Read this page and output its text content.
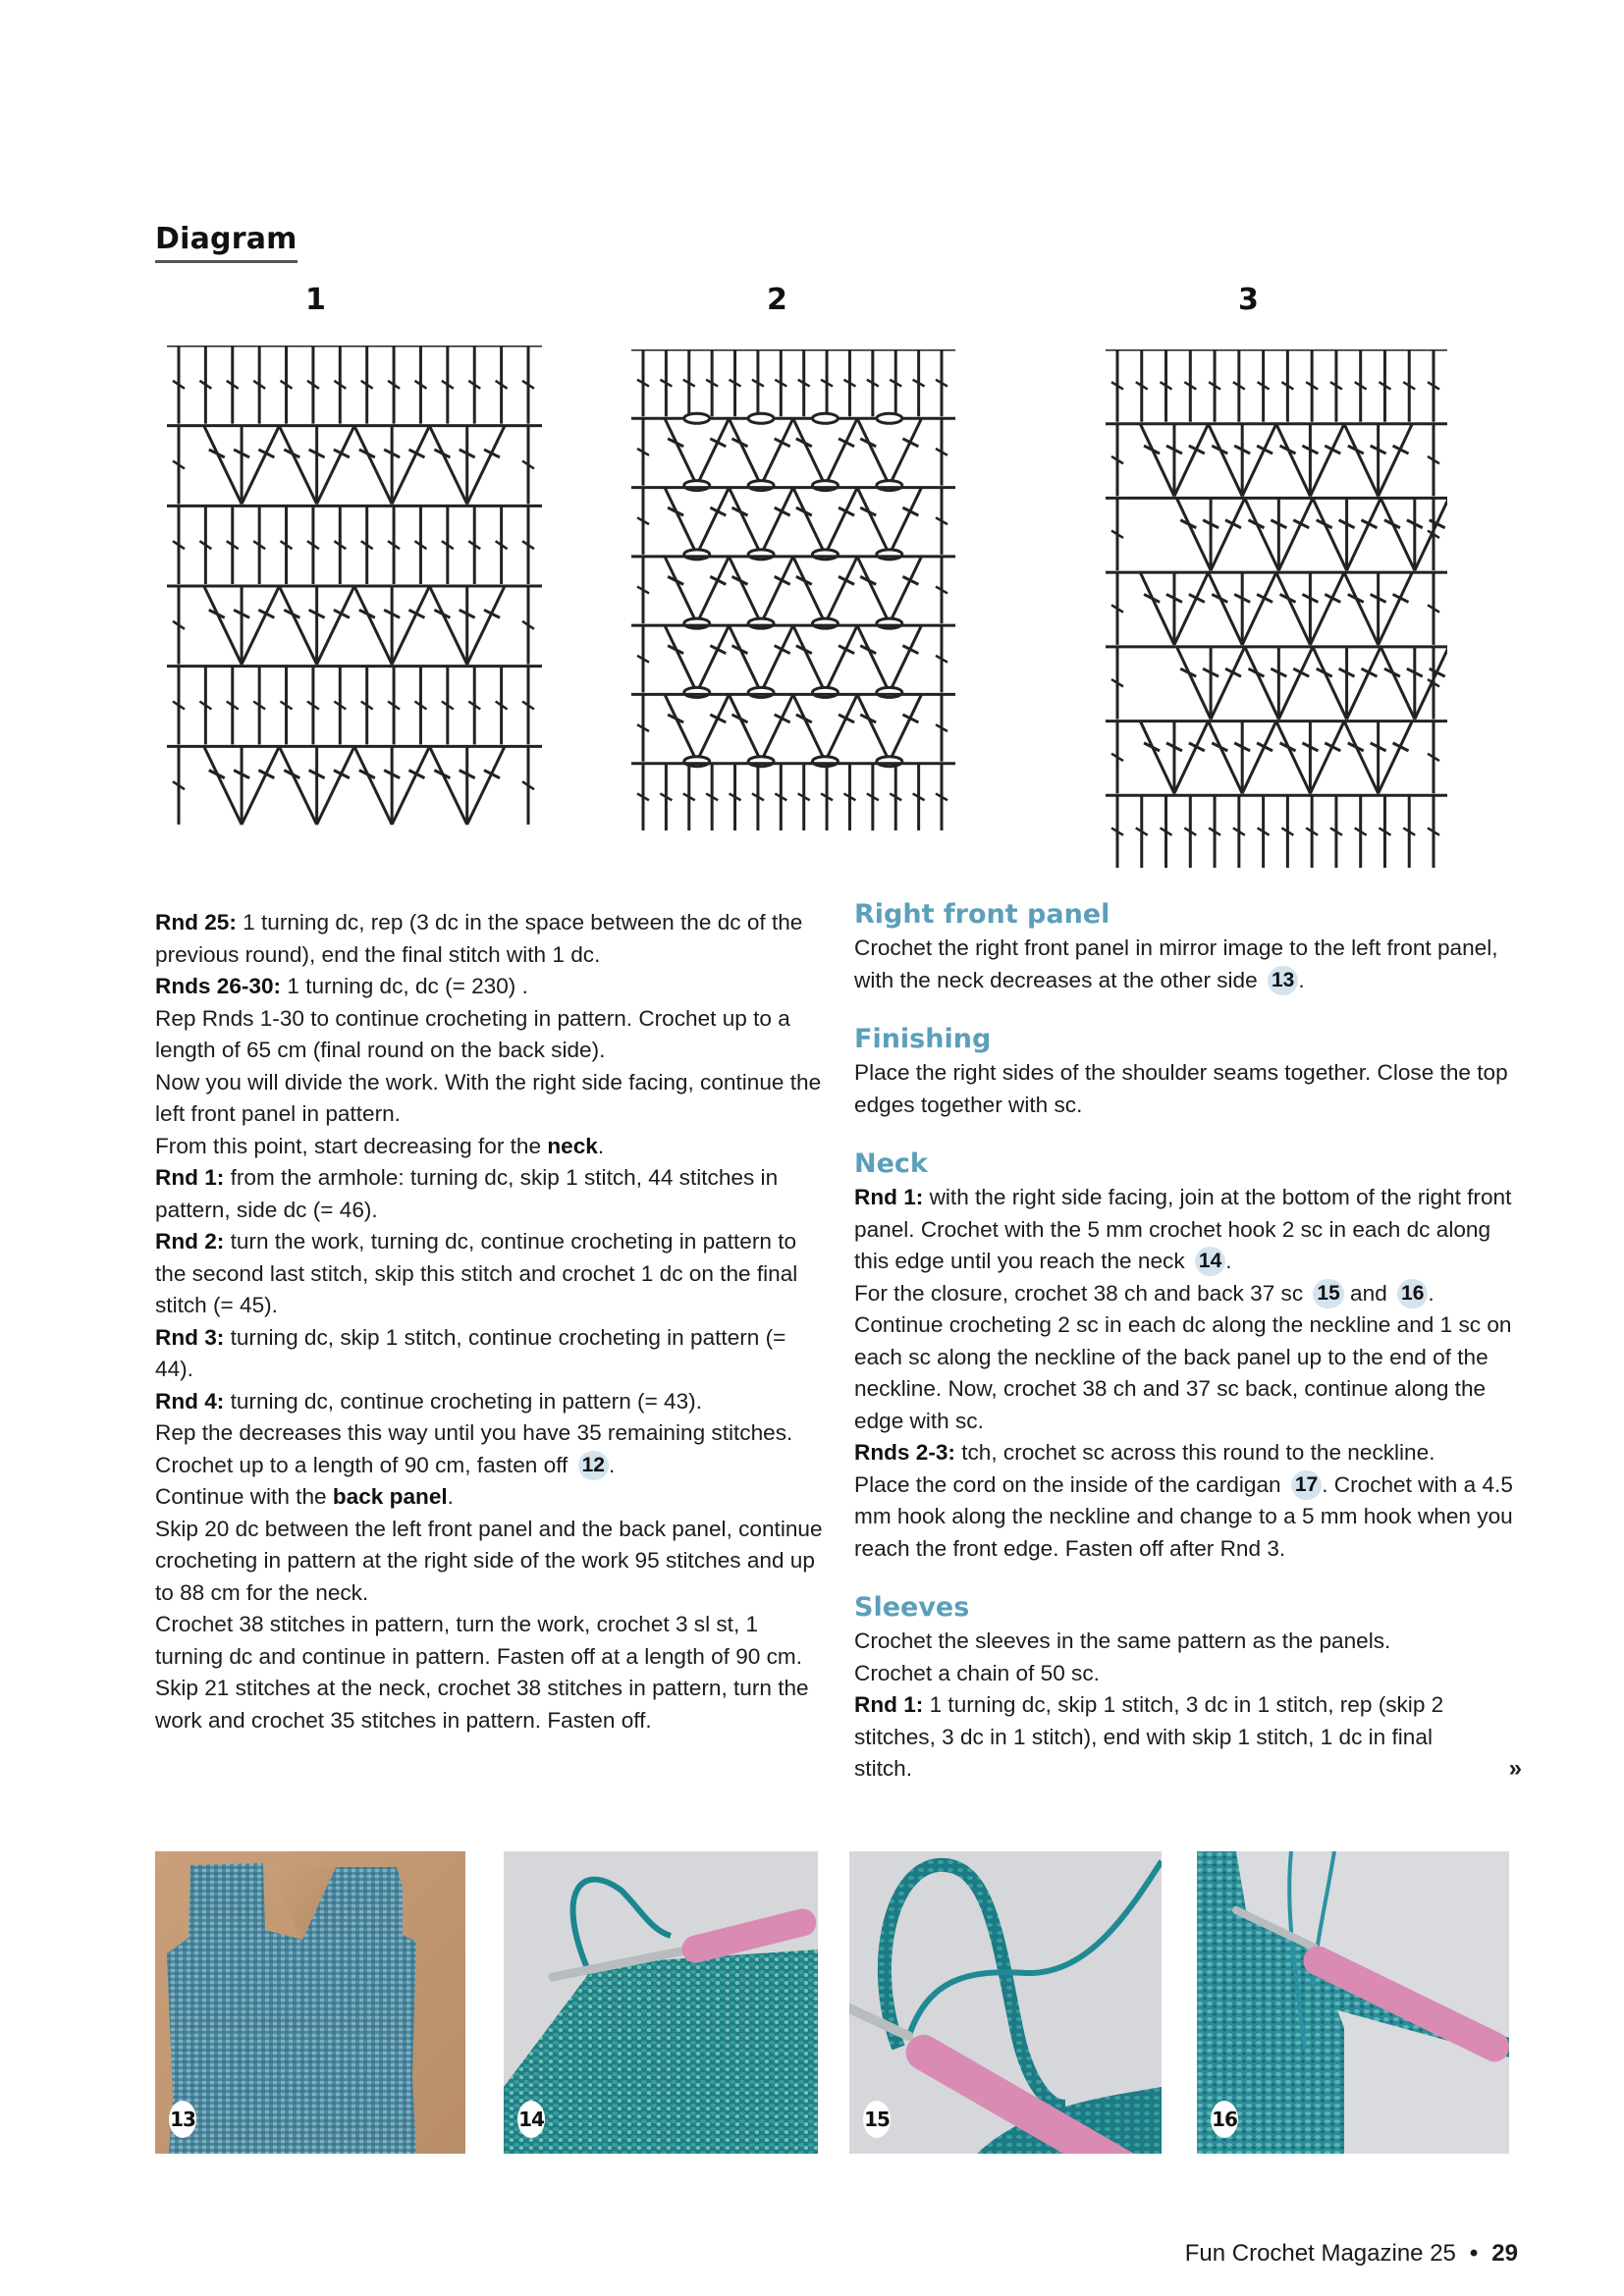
Diagram
1	2	3

Rnd 25: 1 turning dc, rep (3 dc in the space between the dc of the previous round), end the final stitch with 1 dc.

Rnds 26-30: 1 turning dc, dc (= 230) .

Rep Rnds 1-30 to continue crocheting in pattern. Crochet up to a length of 65 cm (final round on the back side).

Now you will divide the work. With the right side facing, continue the left front panel in pattern.

From this point, start decreasing for the neck.

Rnd 1: from the armhole: turning dc, skip 1 stitch, 44 stitches in pattern, side dc (= 46).

Rnd 2: turn the work, turning dc, continue crocheting in pattern to the second last stitch, skip this stitch and crochet 1 dc on the final stitch (= 45).

Rnd 3: turning dc, skip 1 stitch, continue crocheting in pattern (= 44).

Rnd 4: turning dc, continue crocheting in pattern (= 43).

Rep the decreases this way until you have 35 remaining stitches.

Crochet up to a length of 90 cm, fasten off 12 .

Continue with the back panel.

Skip 20 dc between the left front panel and the back panel, continue crocheting in pattern at the right side of the work 95 stitches and up to 88 cm for the neck.

Crochet 38 stitches in pattern, turn the work, crochet 3 sl st, 1 turning dc and continue in pattern. Fasten off at a length of 90 cm. Skip 21 stitches at the neck, crochet 38 stitches in pattern, turn the work and crochet 35 stitches in pattern. Fasten off.

Right front panel

Crochet the right front panel in mirror image to the left front panel, with the neck decreases at the other side 13 .

Finishing

Place the right sides of the shoulder seams together. Close the top edges together with sc.

Neck

Rnd 1: with the right side facing, join at the bottom of the right front panel. Crochet with the 5 mm crochet hook 2 sc in each dc along this edge until you reach the neck 14 .

For the closure, crochet 38 ch and back 37 sc 15 and 16 .

Continue crocheting 2 sc in each dc along the neckline and 1 sc on each sc along the neckline of the back panel up to the end of the neckline. Now, crochet 38 ch and 37 sc back, continue along the edge with sc.

Rnds 2-3: tch, crochet sc across this round to the neckline.

Place the cord on the inside of the cardigan 17 . Crochet with a 4.5 mm hook along the neckline and change to a 5 mm hook when you reach the front edge. Fasten off after Rnd 3.

Sleeves

Crochet the sleeves in the same pattern as the panels.

Crochet a chain of 50 sc.

Rnd 1: 1 turning dc, skip 1 stitch, 3 dc in 1 stitch, rep (skip 2 stitches, 3 dc in 1 stitch), end with skip 1 stitch, 1 dc in final stitch.	»

13	14	15	16
Fun Crochet Magazine 25 • 29
